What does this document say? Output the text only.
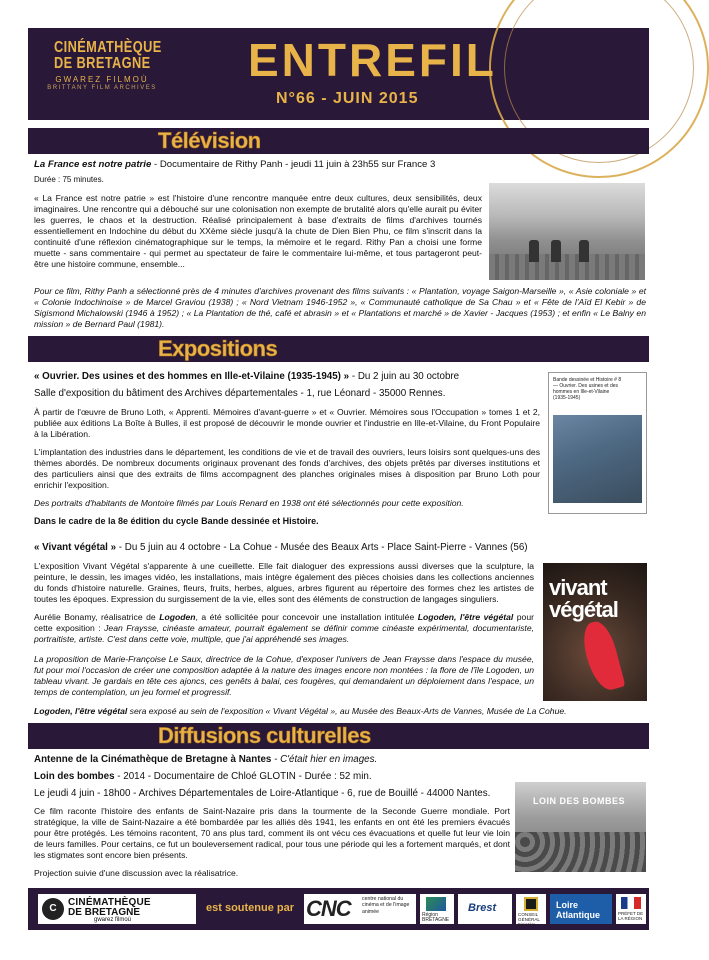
CINÉMATHÈQUE
DE BRETAGNE
GWAREZ FILMOÙ
BRITTANY FILM ARCHIVES
ENTREFIL
N°66 - JUIN 2015
Télévision
La France est notre patrie - Documentaire de Rithy Panh - jeudi 11 juin à 23h55 sur France 3
Durée : 75 minutes.

« La France est notre patrie » est l'histoire d'une rencontre manquée entre deux cultures, deux sensibilités, deux imaginaires. Une rencontre qui a débouché sur une colonisation non exempte de brutalité alors qu'elle aurait pu éviter les guerres, le chaos et la destruction. Réalisé principalement à base d'extraits de films d'archives tournés essentiellement en Indochine du début du XXème siècle jusqu'à la chute de Dien Bien Phu, ce film s'inscrit dans la continuité d'une réflexion cinématographique sur le temps, la mémoire et le regard. Rithy Pan a choisi une forme muette - sans commentaire - qui permet au spectateur de faire le commentaire lui-même, et tous partageront peut-être une histoire commune, ensemble...

Pour ce film, Rithy Panh a sélectionné près de 4 minutes d'archives provenant des films suivants : « Plantation, voyage Saigon-Marseille », « Asie coloniale » et « Colonie Indochinoise » de Marcel Graviou (1938) ; « Nord Vietnam 1946-1952 », « Communauté catholique de Sa Chau » et « Fête de l'Aïd El Kebir » de Sigismond Michalowski (1946 à 1952) ; « La Plantation de thé, café et abrasin » et « Plantations et marché » de Xavier - Jacques (1953) ; et enfin « Le Balny en mission » de Bernard Paul (1981).

Expositions
« Ouvrier. Des usines et des hommes en Ille-et-Vilaine (1935-1945) » - Du 2 juin au 30 octobre
Salle d'exposition du bâtiment des Archives départementales - 1, rue Léonard - 35000 Rennes.

À partir de l'œuvre de Bruno Loth, « Apprenti. Mémoires d'avant-guerre » et « Ouvrier. Mémoires sous l'Occupation » tomes 1 et 2, publiée aux éditions La Boîte à Bulles, il est proposé de découvrir le monde ouvrier et l'industrie en Ille-et-Vilaine, du Front Populaire à la Libération.

L'implantation des industries dans le département, les conditions de vie et de travail des ouvriers, leurs loisirs sont quelques-uns des thèmes abordés. De nombreux documents originaux provenant des fonds d'archives, des objets prêtés par diverses institutions et des particuliers ainsi que des extraits de films accompagnent des planches originales mises à disposition par Bruno Loth pour enrichir l'exposition.

Des portraits d'habitants de Montoire filmés par Louis Renard en 1938 ont été sélectionnés pour cette exposition.

Dans le cadre de la 8e édition du cycle Bande dessinée et Histoire.
Bande dessinée et Histoire # 8 — Ouvrier. Des usines et des hommes en Ille-et-Vilaine (1935-1945)
« Vivant végétal » - Du 5 juin au 4 octobre - La Cohue - Musée des Beaux Arts - Place Saint-Pierre - Vannes (56)

L'exposition Vivant Végétal s'apparente à une cueillette. Elle fait dialoguer des expressions aussi diverses que la sculpture, la peinture, le dessin, les images vidéo, les installations, mais intègre également des pièces choisies dans les collections anciennes du fonds d'histoire naturelle. Graines, fleurs, fruits, herbes, algues, arbres figurent au répertoire des formes chez les artistes de toutes les époques. Expression du surgissement de la vie, elles sont des éléments de construction de langages singuliers.

Aurélie Bonamy, réalisatrice de Logoden, a été sollicitée pour concevoir une installation intitulée Logoden, l'être végétal pour cette exposition : Jean Fraysse, cinéaste amateur, pourrait également se définir comme cinéaste expérimental, documentariste, portraitiste, artiste. C'est dans cette voie, multiple, que j'ai appréhendé ses images.

La proposition de Marie-Françoise Le Saux, directrice de la Cohue, d'exposer l'univers de Jean Fraysse dans l'espace du musée, fut pour moi l'occasion de créer une composition adaptée à la nature des images encore non montées : la flore de l'île Logoden, un tableau vivant. Je gardais en tête ces ajoncs, ces genêts à balai, ces fougères, qui demandaient un déploiement dans l'espace, un temps de contemplation, un jeu formel et progressif.

vivant
végétal
Logoden, l'être végétal sera exposé au sein de l'exposition « Vivant Végétal », au Musée des Beaux-Arts de Vannes, Musée de La Cohue.
Diffusions culturelles
Antenne de la Cinémathèque de Bretagne à Nantes - C'était hier en images.
Loin des bombes - 2014 - Documentaire de Chloé GLOTIN - Durée : 52 min.
Le jeudi 4 juin - 18h00 - Archives Départementales de Loire-Atlantique - 6, rue de Bouillé - 44000 Nantes.

Ce film raconte l'histoire des enfants de Saint-Nazaire pris dans la tourmente de la Seconde Guerre mondiale. Port stratégique, la ville de Saint-Nazaire a été bombardée par les alliés dès 1941, les enfants en ont été les premiers évacués pour être protégés. Les témoins racontent, 70 ans plus tard, comment ils ont vécu ces évacuations et quelle fut leur vie loin de leurs familles. Pour certains, ce fut un bouleversement radical, pour tous une période qui les a fortement marqués, et dont les stigmates sont encore bien présents.

Projection suivie d'une discussion avec la réalisatrice.
LOIN DES BOMBES
C
CINÉMATHÈQUE
DE BRETAGNE
gwarez filmoù
est soutenue par CNC centre national du cinéma et de l'image animée
Région BRETAGNE
Brest
CONSEIL GÉNÉRAL Finistère
Loire Atlantique	PRÉFET DE LA RÉGION
